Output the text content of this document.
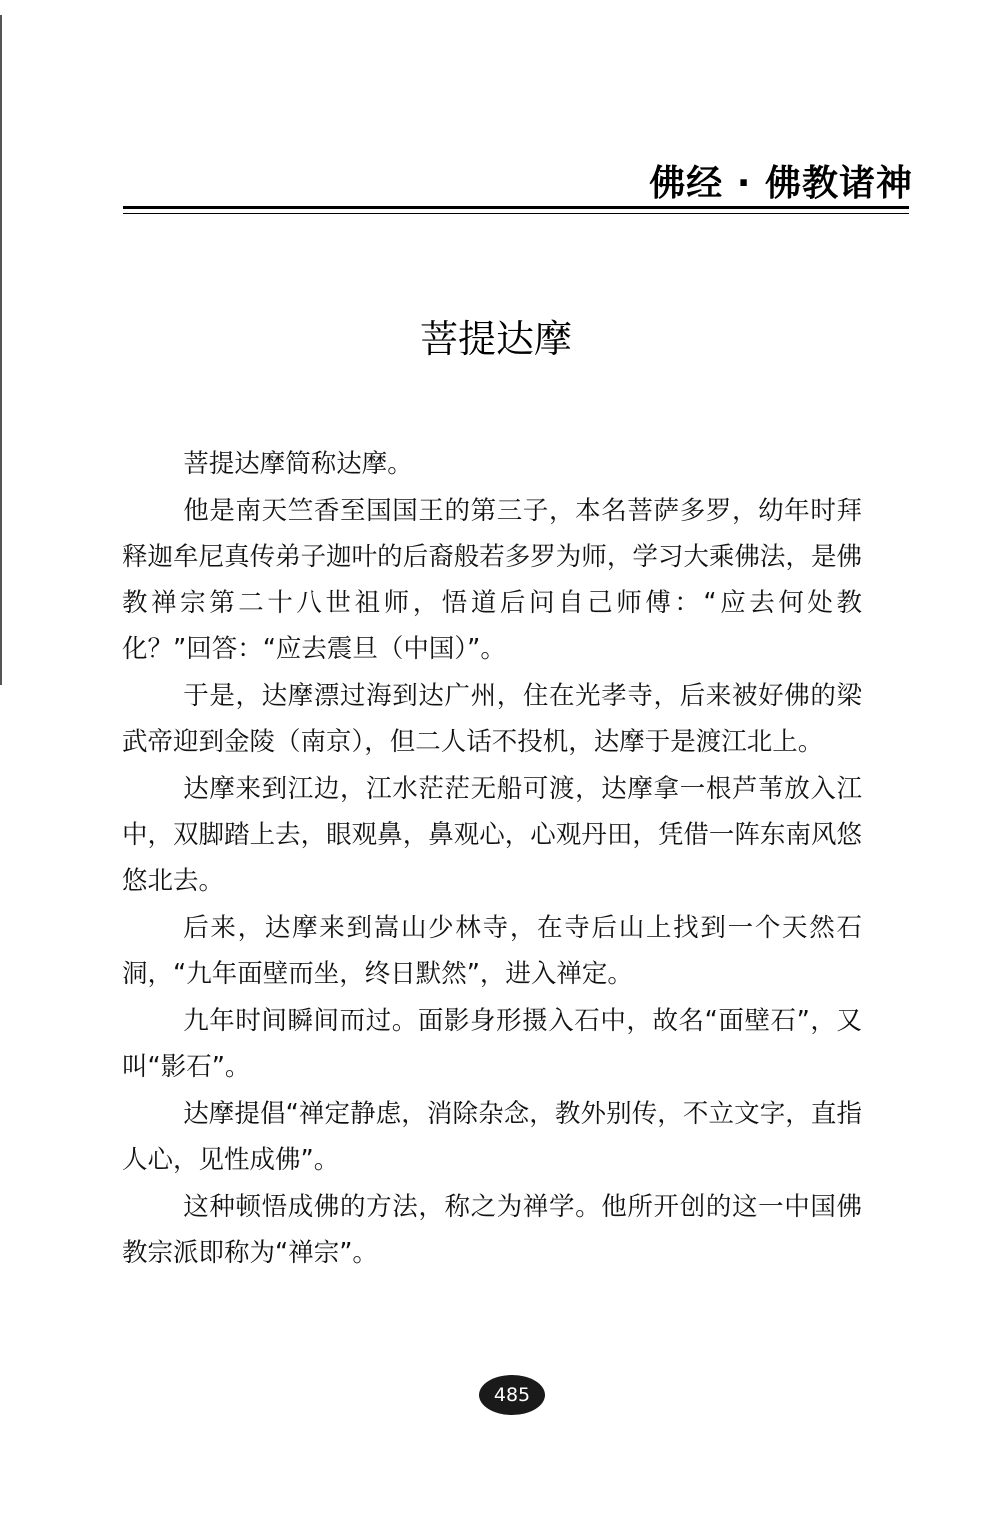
佛经 · 佛教诸神
菩提达摩

菩提达摩简称达摩。

他是南天竺香至国国王的第三子，本名菩萨多罗，幼年时拜释迦牟尼真传弟子迦叶的后裔般若多罗为师，学习大乘佛法，是佛教禅宗第二十八世祖师，悟道后问自己师傅：“应去何处教化？”回答：“应去震旦（中国）”。

于是，达摩漂过海到达广州，住在光孝寺，后来被好佛的梁武帝迎到金陵（南京），但二人话不投机，达摩于是渡江北上。

达摩来到江边，江水茫茫无船可渡，达摩拿一根芦苇放入江中，双脚踏上去，眼观鼻，鼻观心，心观丹田，凭借一阵东南风悠悠北去。

后来，达摩来到嵩山少林寺，在寺后山上找到一个天然石洞，“九年面壁而坐，终日默然”，进入禅定。

九年时间瞬间而过。面影身形摄入石中，故名“面壁石”，又叫“影石”。

达摩提倡“禅定静虑，消除杂念，教外别传，不立文字，直指人心，见性成佛”。

这种顿悟成佛的方法，称之为禅学。他所开创的这一中国佛教宗派即称为“禅宗”。

485
